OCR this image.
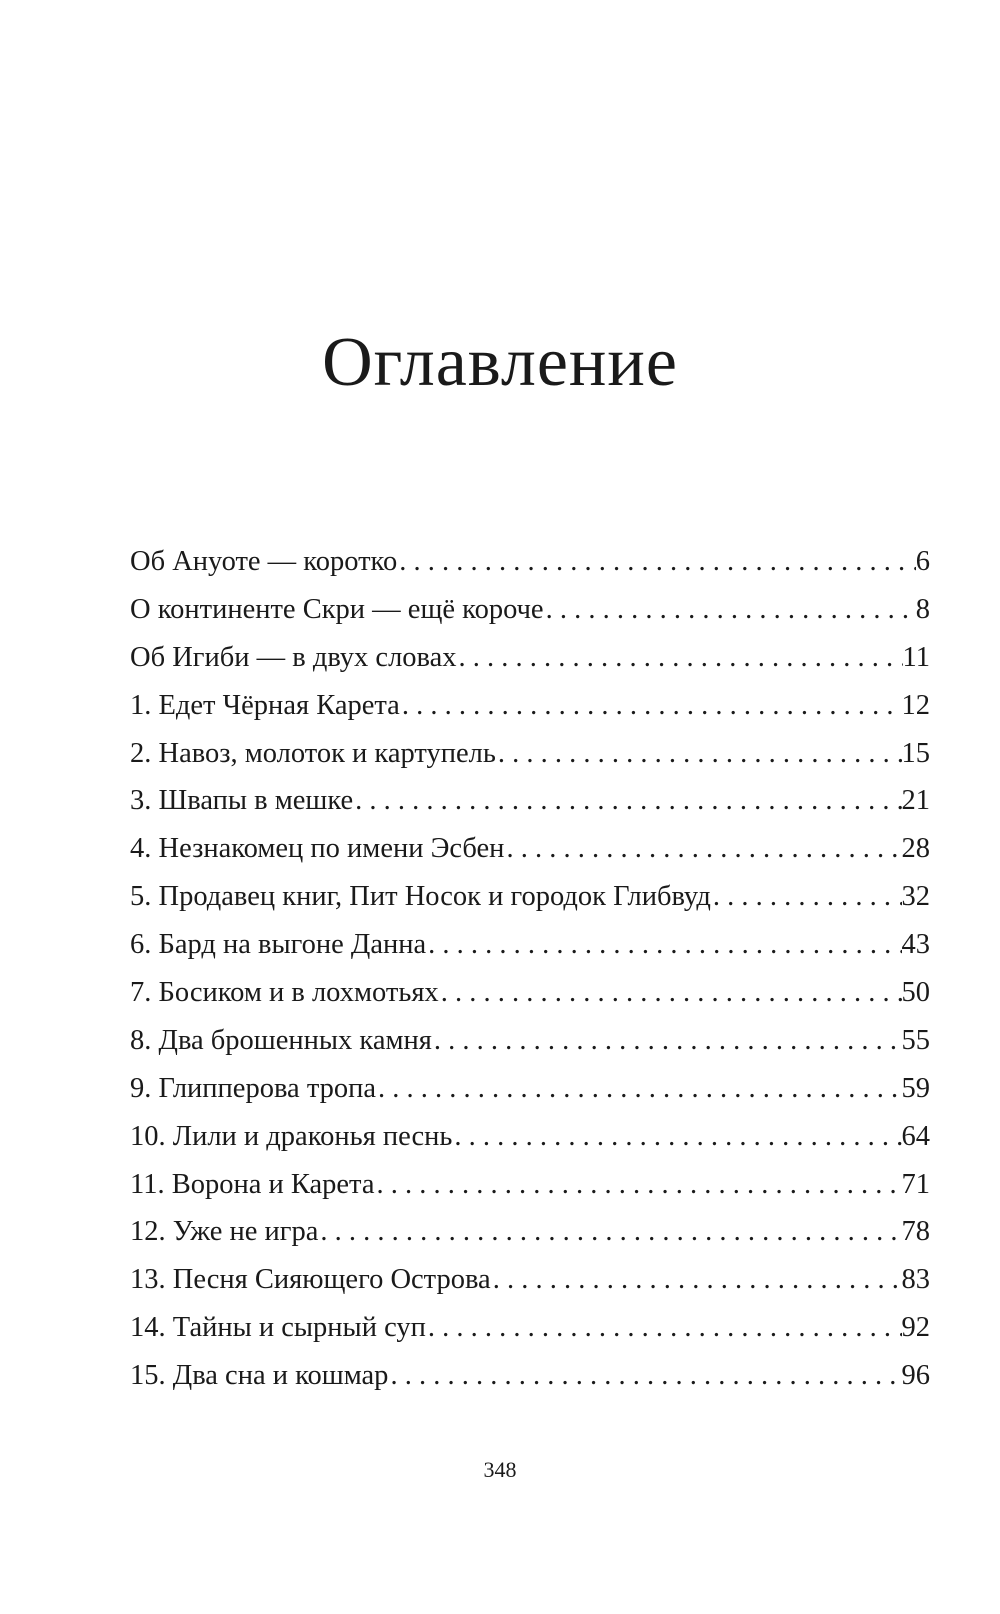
Оглавление
Об Ануоте — коротко . . .	6
О континенте Скри — ещё короче . . .	8
Об Игиби — в двух словах . . .	11
1. Едет Чёрная Карета . . .	12
2. Навоз, молоток и картупель . . .	15
3. Швапы в мешке . . .	21
4. Незнакомец по имени Эсбен . . .	28
5. Продавец книг, Пит Носок и городок Глибвуд . . .	32
6. Бард на выгоне Данна . . .	43
7. Босиком и в лохмотьях . . .	50
8. Два брошенных камня . . .	55
9. Глипперова тропа . . .	59
10. Лили и драконья песнь . . .	64
11. Ворона и Карета . . .	71
12. Уже не игра . . .	78
13. Песня Сияющего Острова . . .	83
14. Тайны и сырный суп . . .	92
15. Два сна и кошмар . . .	96
348
